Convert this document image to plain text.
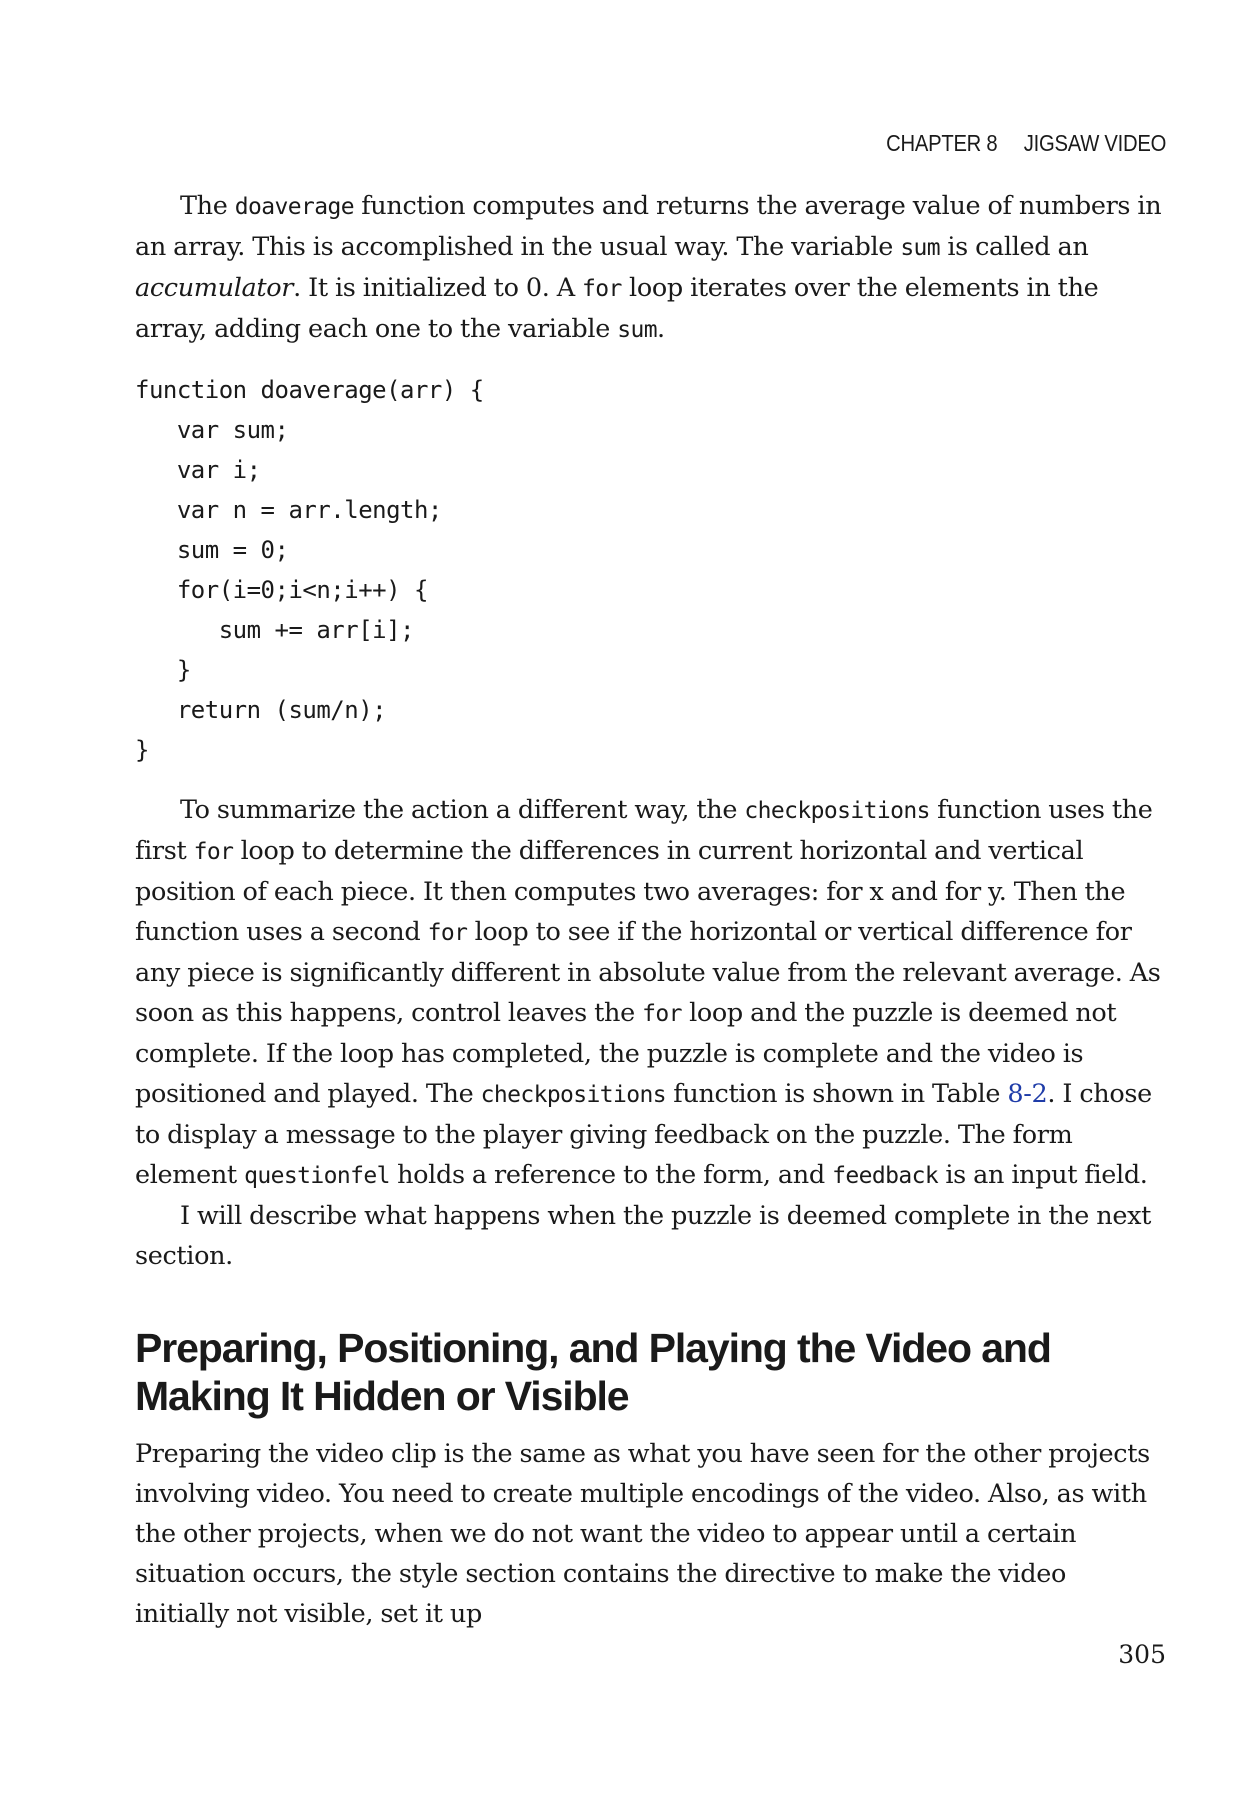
CHAPTER 8 JIGSAW VIDEO

The doaverage function computes and returns the average value of numbers in an array. This is accomplished in the usual way. The variable sum is called an accumulator. It is initialized to 0. A for loop iterates over the elements in the array, adding each one to the variable sum.

function doaverage(arr) {
var sum;
var i;
var n = arr.length;
sum = 0;
for(i=0;i<n;i++) {
sum += arr[i];
}
return (sum/n);
}

To summarize the action a different way, the checkpositions function uses the first for loop to determine the differences in current horizontal and vertical position of each piece. It then computes two averages: for x and for y. Then the function uses a second for loop to see if the horizontal or vertical difference for any piece is significantly different in absolute value from the relevant average. As soon as this happens, control leaves the for loop and the puzzle is deemed not complete. If the loop has completed, the puzzle is complete and the video is positioned and played. The checkpositions function is shown in Table 8-2. I chose to display a message to the player giving feedback on the puzzle. The form element questionfel holds a reference to the form, and feedback is an input field.

I will describe what happens when the puzzle is deemed complete in the next section.

Preparing, Positioning, and Playing the Video and Making It Hidden or Visible

Preparing the video clip is the same as what you have seen for the other projects involving video. You need to create multiple encodings of the video. Also, as with the other projects, when we do not want the video to appear until a certain situation occurs, the style section contains the directive to make the video initially not visible, set it up

305
